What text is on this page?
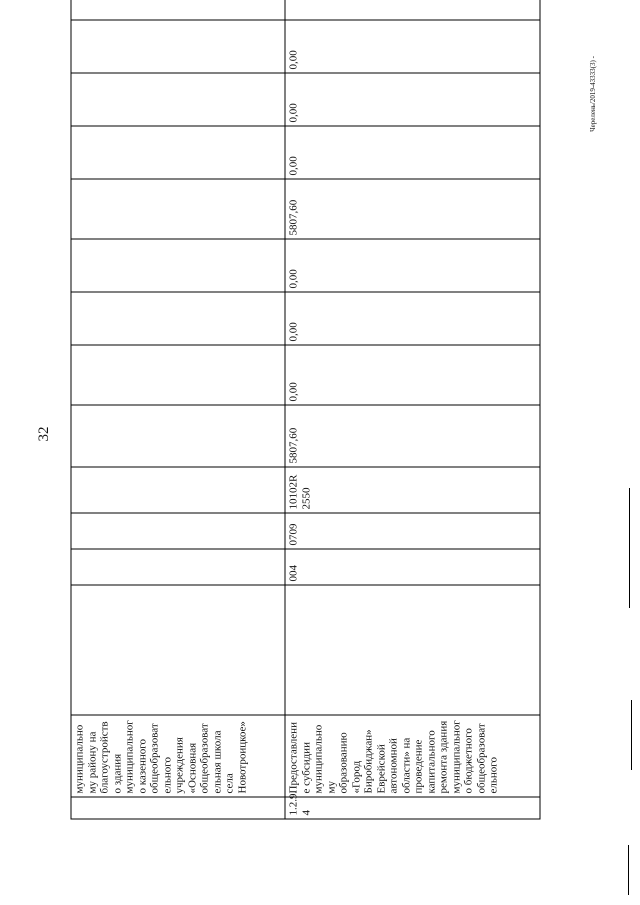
32
Черелень/2019-43333(3) -
	муниципально му району на благоустройств о здания муниципальног о казенного общеобразоват ельного учреждения «Основная общеобразоват ельная школа села Новотроицкое»													
1.2.9. 4	Предоставлени е субсидии муниципально му образованию «Город Биробиджан» Еврейской автономной области» на проведение капитального ремонта здания муниципальног о бюджетного общеобразоват ельного		004	0709	10102R 2550	5807,60	0,00	0,00	0,00	5807,60	0,00	0,00	0,00	
